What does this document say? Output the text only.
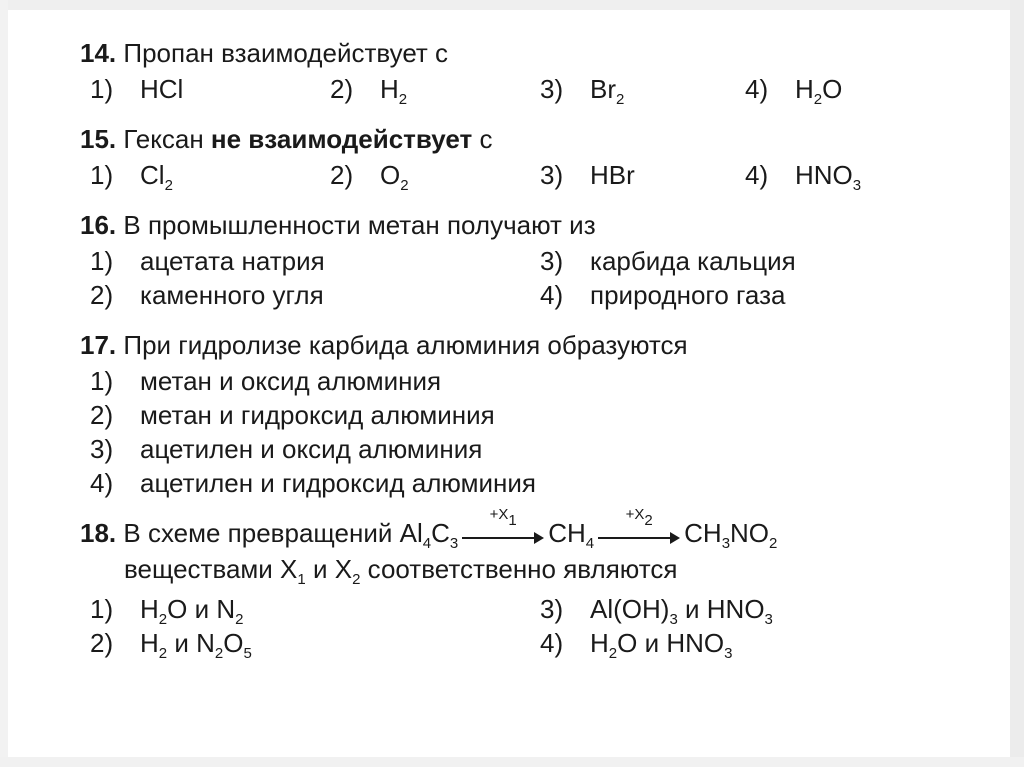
14. Пропан взаимодействует с
1) HCl	2) $H_2$	3) $Br_2$	4) $H_2O$
15. Гексан не взаимодействует с
1) $Cl_2$	2) $O_2$	3) HBr	4) $HNO_3$
16. В промышленности метан получают из
1) ацетата натрия	3) карбида кальция
2) каменного угля	4) природного газа
17. При гидролизе карбида алюминия образуются
1) метан и оксид алюминия
2) метан и гидроксид алюминия
3) ацетилен и оксид алюминия
4) ацетилен и гидроксид алюминия
18. В схеме превращений $Al_4C_3$
$+X_1$	$CH_4$
$+X_2$	$CH_3NO_2$
веществами $X_1$ и $X_2$ соответственно являются
1) $H_2O$ и $N_2$	3) $Al(OH)_3$ и $HNO_3$
2) $H_2$ и $N_2O_5$	4) $H_2O$ и $HNO_3$
